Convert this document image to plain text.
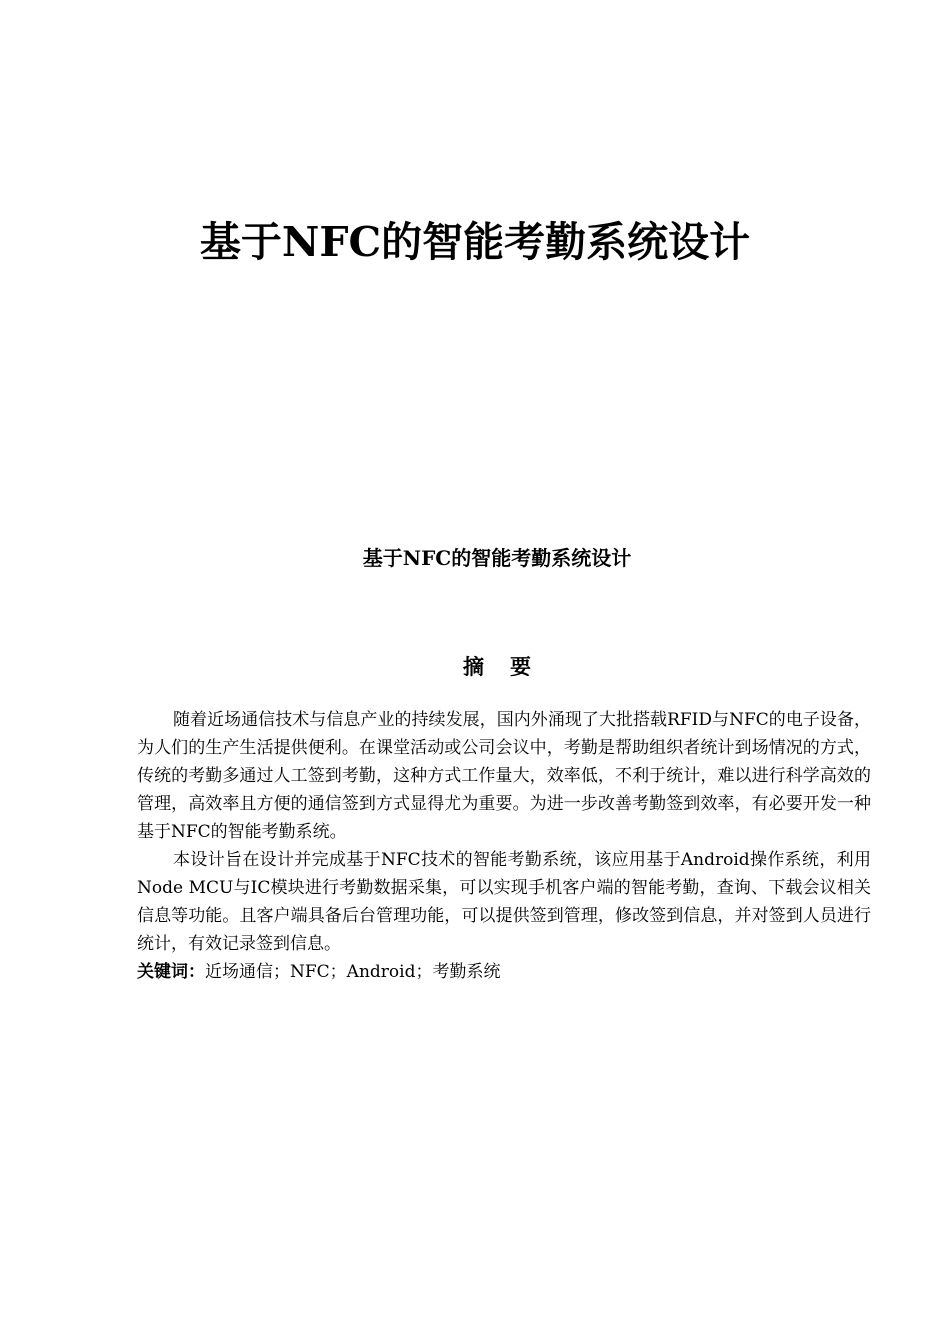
基于NFC的智能考勤系统设计
基于NFC的智能考勤系统设计
摘 要

随着近场通信技术与信息产业的持续发展，国内外涌现了大批搭载RFID与NFC的电子设备，为人们的生产生活提供便利。在课堂活动或公司会议中，考勤是帮助组织者统计到场情况的方式，传统的考勤多通过人工签到考勤，这种方式工作量大，效率低，不利于统计，难以进行科学高效的管理，高效率且方便的通信签到方式显得尤为重要。为进一步改善考勤签到效率，有必要开发一种基于NFC的智能考勤系统。

本设计旨在设计并完成基于NFC技术的智能考勤系统，该应用基于Android操作系统，利用Node MCU与IC模块进行考勤数据采集，可以实现手机客户端的智能考勤，查询、下载会议相关信息等功能。且客户端具备后台管理功能，可以提供签到管理，修改签到信息，并对签到人员进行统计，有效记录签到信息。

关键词：近场通信；NFC；Android；考勤系统
